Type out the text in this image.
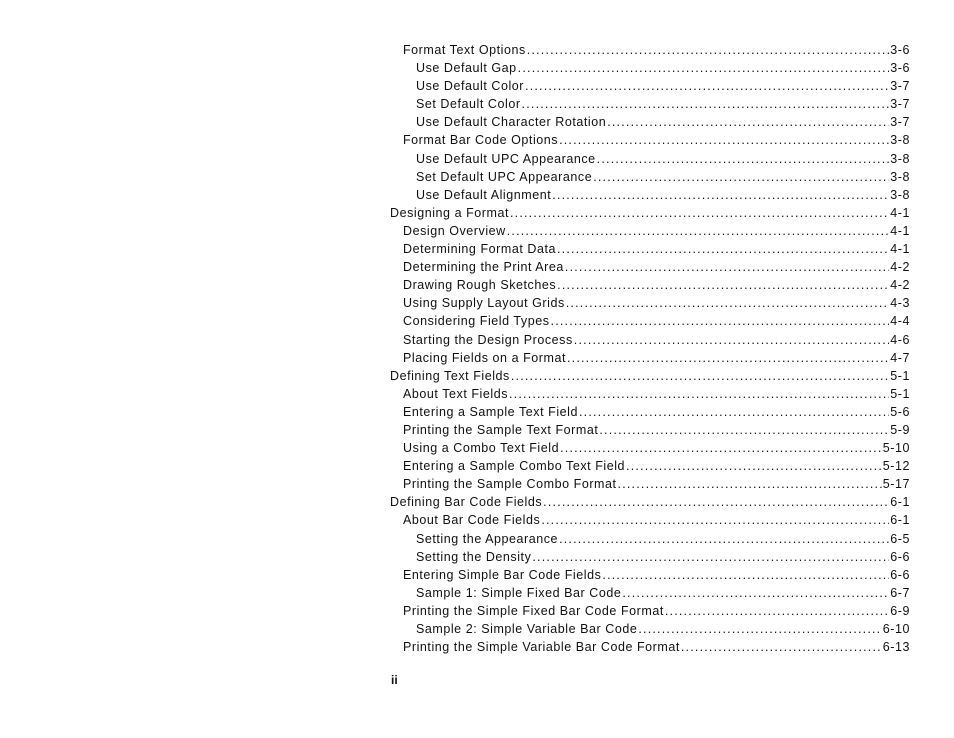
Format Text Options .....	3-6
Use Default Gap .....	3-6
Use Default Color .....	3-7
Set Default Color .....	3-7
Use Default Character Rotation .....	3-7
Format Bar Code Options .....	3-8
Use Default UPC Appearance .....	3-8
Set Default UPC Appearance .....	3-8
Use Default Alignment .....	3-8
Designing a Format .....	4-1
Design Overview .....	4-1
Determining Format Data .....	4-1
Determining the Print Area .....	4-2
Drawing Rough Sketches .....	4-2
Using Supply Layout Grids .....	4-3
Considering Field Types .....	4-4
Starting the Design Process .....	4-6
Placing Fields on a Format .....	4-7
Defining Text Fields .....	5-1
About Text Fields .....	5-1
Entering a Sample Text Field .....	5-6
Printing the Sample Text Format .....	5-9
Using a Combo Text Field .....	5-10
Entering a Sample Combo Text Field .....	5-12
Printing the Sample Combo Format .....	5-17
Defining Bar Code Fields .....	6-1
About Bar Code Fields .....	6-1
Setting the Appearance .....	6-5
Setting the Density .....	6-6
Entering Simple Bar Code Fields .....	6-6
Sample 1: Simple Fixed Bar Code .....	6-7
Printing the Simple Fixed Bar Code Format .....	6-9
Sample 2: Simple Variable Bar Code .....	6-10
Printing the Simple Variable Bar Code Format .....	6-13
ii
